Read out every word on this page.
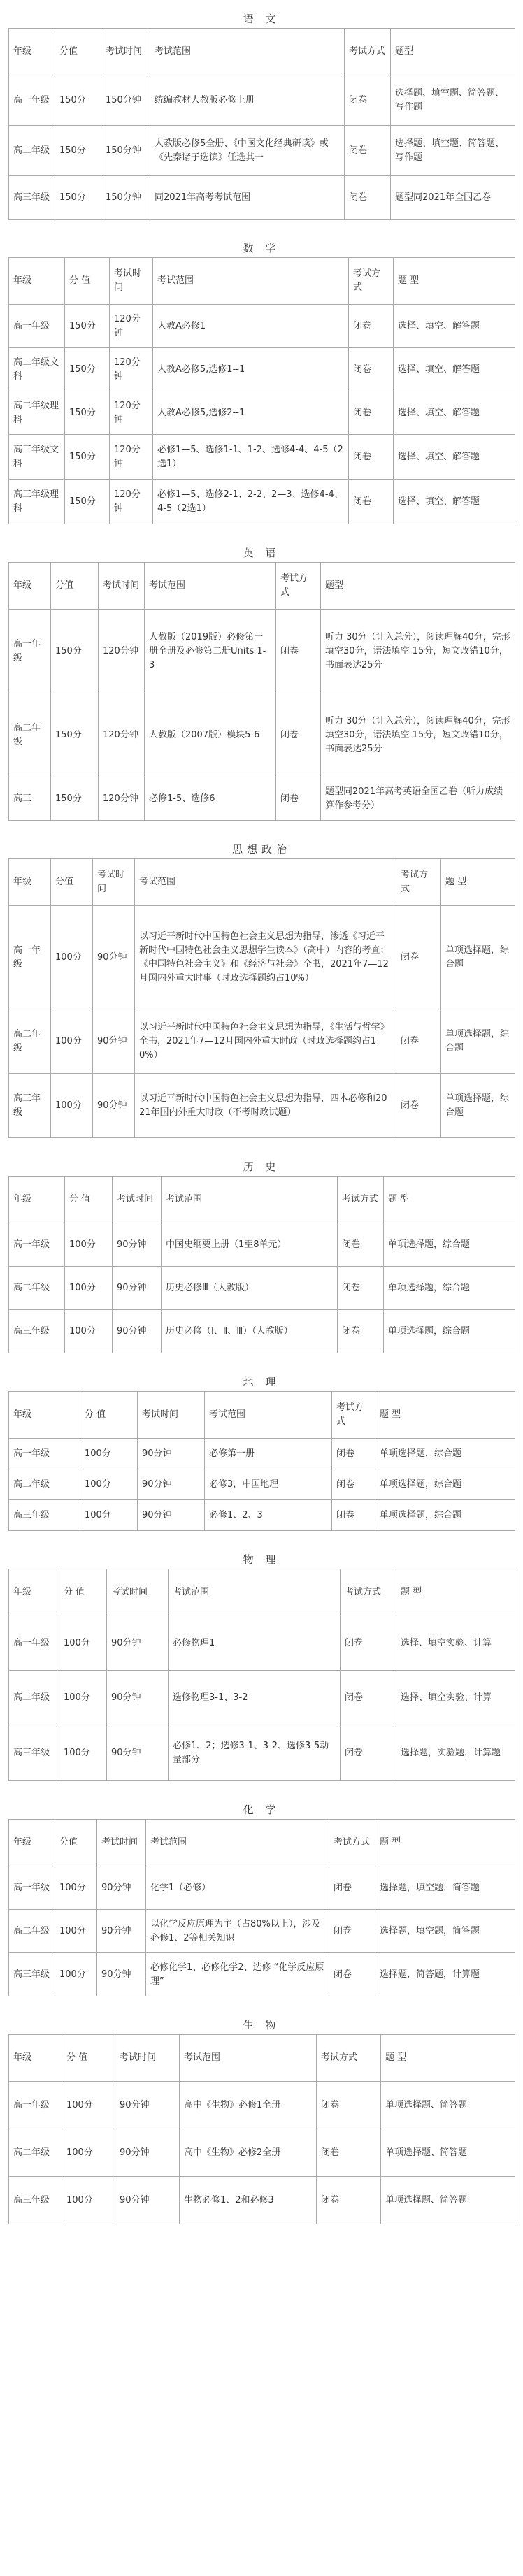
语 文
年级	分值	考试时间	考试范围	考试方式	题型
高一年级	150分	150分钟	统编教材人教版必修上册	闭卷	选择题、填空题、简答题、写作题
高二年级	150分	150分钟	人教版必修5全册、《中国文化经典研读》或《先秦诸子选读》任选其一	闭卷	选择题、填空题、简答题、写作题
高三年级	150分	150分钟	同2021年高考考试范围	闭卷	题型同2021年全国乙卷
数 学
年级	分 值	考试时间	考试范围	考试方式	题 型
高一年级	150分	120分钟	人教A必修1	闭卷	选择、填空、解答题
高二年级文科	150分	120分钟	人教A必修5,选修1--1	闭卷	选择、填空、解答题
高二年级理科	150分	120分钟	人教A必修5,选修2--1	闭卷	选择、填空、解答题
高三年级文科	150分	120分钟	必修1—5、选修1-1、1-2、选修4-4、4-5（2选1）	闭卷	选择、填空、解答题
高三年级理科	150分	120分钟	必修1—5、选修2-1、2-2、2—3、选修4-4、4-5（2选1）	闭卷	选择、填空、解答题
英 语
年级	分值	考试时间	考试范围	考试方式	题型
高一年级	150分	120分钟	人教版（2019版）必修第一册全册及必修第二册Units 1-3	闭卷	听力 30分（计入总分），阅读理解40分，完形填空30分，语法填空 15分，短文改错10分，书面表达25分
高二年级	150分	120分钟	人教版（2007版）模块5-6	闭卷	听力 30分（计入总分），阅读理解40分，完形填空30分，语法填空 15分，短文改错10分，书面表达25分
高三	150分	120分钟	必修1-5、选修6	闭卷	题型同2021年高考英语全国乙卷（听力成绩算作参考分）
思想政治
年级	分值	考试时间	考试范围	考试方式	题 型
高一年级	100分	90分钟	以习近平新时代中国特色社会主义思想为指导，渗透《习近平新时代中国特色社会主义思想学生读本》（高中）内容的考查；《中国特色社会主义》和《经济与社会》全书，2021年7—12月国内外重大时事（时政选择题约占10%）	闭卷	单项选择题，综合题
高二年级	100分	90分钟	以习近平新时代中国特色社会主义思想为指导，《生活与哲学》全书，2021年7—12月国内外重大时政（时政选择题约占10%）	闭卷	单项选择题，综合题
高三年级	100分	90分钟	以习近平新时代中国特色社会主义思想为指导，四本必修和2021年国内外重大时政（不考时政试题）	闭卷	单项选择题，综合题
历 史
年级	分 值	考试时间	考试范围	考试方式	题 型
高一年级	100分	90分钟	中国史纲要上册（1至8单元）	闭卷	单项选择题，综合题
高二年级	100分	90分钟	历史必修Ⅲ（人教版）	闭卷	单项选择题，综合题
高三年级	100分	90分钟	历史必修（Ⅰ、Ⅱ、Ⅲ）（人教版）	闭卷	单项选择题，综合题
地 理
年级	分 值	考试时间	考试范围	考试方式	题 型
高一年级	100分	90分钟	必修第一册	闭卷	单项选择题，综合题
高二年级	100分	90分钟	必修3，中国地理	闭卷	单项选择题，综合题
高三年级	100分	90分钟	必修1、2、3	闭卷	单项选择题，综合题
物 理
年级	分 值	考试时间	考试范围	考试方式	题 型
高一年级	100分	90分钟	必修物理1	闭卷	选择、填空实验、计算
高二年级	100分	90分钟	选修物理3-1、3-2	闭卷	选择、填空实验、计算
高三年级	100分	90分钟	必修1、2；选修3-1、3-2、选修3-5动量部分	闭卷	选择题，实验题，计算题
化 学
年级	分值	考试时间	考试范围	考试方式	题 型
高一年级	100分	90分钟	化学1（必修）	闭卷	选择题，填空题，简答题
高二年级	100分	90分钟	以化学反应原理为主（占80%以上），涉及必修1、2等相关知识	闭卷	选择题，填空题，简答题
高三年级	100分	90分钟	必修化学1、必修化学2、选修 “化学反应原理”	闭卷	选择题，简答题，计算题
生 物
年级	分 值	考试时间	考试范围	考试方式	题 型
高一年级	100分	90分钟	高中《生物》必修1全册	闭卷	单项选择题、简答题
高二年级	100分	90分钟	高中《生物》必修2全册	闭卷	单项选择题、简答题
高三年级	100分	90分钟	生物必修1、2和必修3	闭卷	单项选择题、简答题
